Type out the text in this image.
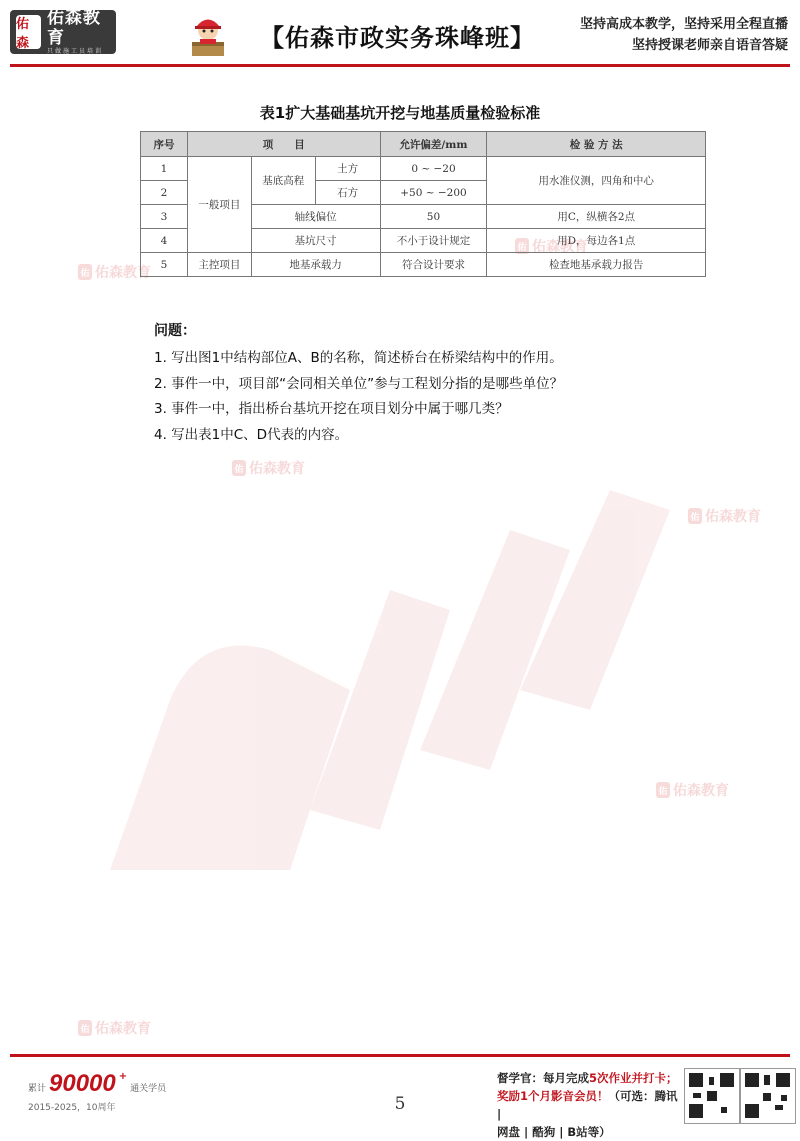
佑森
佑森教育
只做施工员培训	【佑森市政实务珠峰班】	坚持高成本教学，坚持采用全程直播
坚持授课老师亲自语音答疑
佑 佑森教育
佑 佑森教育
佑 佑森教育
佑 佑森教育
佑 佑森教育
佑 佑森教育
表1扩大基础基坑开挖与地基质量检验标准
序号	项　　目			允许偏差/mm	检 验 方 法
1	一般项目	基底高程	土方	0 ~ −20	用水准仪测，四角和中心
2			石方	+50 ~ −200	
3		轴线偏位		50	用C，纵横各2点
4		基坑尺寸		不小于设计规定	用D，每边各1点
5	主控项目	地基承载力		符合设计要求	检查地基承载力报告
问题：
1. 写出图1中结构部位A、B的名称，简述桥台在桥梁结构中的作用。
2. 事件一中，项目部“会同相关单位”参与工程划分指的是哪些单位？
3. 事件一中，指出桥台基坑开挖在项目划分中属于哪几类？
4. 写出表1中C、D代表的内容。
累计 90000 +
通关学员
2015-2025，10周年	5
督学官：每月完成5次作业并打卡；
奖励1个月影音会员！（可选：腾讯 |
网盘 | 酷狗 | B站等）
